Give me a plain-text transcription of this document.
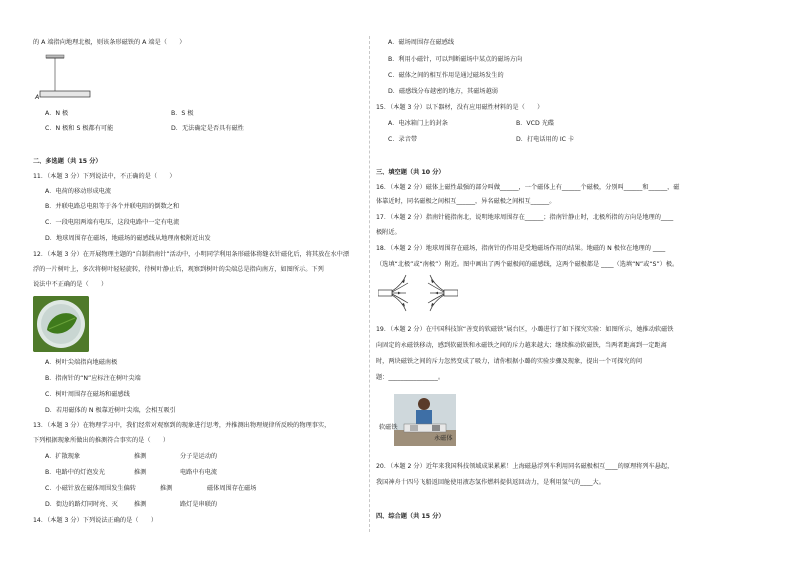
的 A 端指向地理北极，则该条形磁铁的 A 端是（　　）
A
A．N 极	B．S 极
C．N 极和 S 极都有可能	D．无法确定是否具有磁性
二、多选题（共 15 分）
11．（本题 3 分）下列说法中，不正确的是（　　）
A．电荷的移动形成电流
B．并联电路总电阻等于各个并联电阻的倒数之和
C．一段电阻两端有电压，这段电路中一定有电流
D．地球周围存在磁场，地磁场的磁感线从地理南极附近出发
12．（本题 3 分）在开展物理主题的“自制指南针”活动中，小明同学利用条形磁体将缝衣针磁化后，将其放在水中漂
浮的一片树叶上，多次将树叶轻轻旋转，待树叶静止后，观察到树叶的尖端总是指向南方，如图所示。下列
说法中不正确的是（　　）
A．树叶尖端指向地磁南极
B．指南针的“N”应标注在树叶尖端
C．树叶周围存在磁场和磁感线
D．若用磁体的 N 极靠近树叶尖端，会相互吸引
13．（本题 3 分）在物理学习中，我们经常对观察到的现象进行思考，并推测出物理规律所反映的物理事实，
下列根据现象所做出的推测符合事实的是（　　）
A．扩散现象	推测	分子是运动的
B．电路中的灯泡发光	推测	电路中有电流
C．小磁针放在磁体周围发生偏转	推测	磁体周围存在磁场
D．街边的路灯同时亮、灭	推测	路灯是串联的
14．（本题 3 分）下列说法正确的是（　　）
A．磁场周围存在磁感线
B．利用小磁针，可以判断磁场中某点的磁场方向
C．磁体之间的相互作用是通过磁场发生的
D．磁感线分布越密的地方，其磁场越弱
15．（本题 3 分）以下器材，没有应用磁性材料的是（　　）
A．电冰箱门上的封条	B．VCD 光碟
C．录音带	D．打电话用的 IC 卡
三、填空题（共 10 分）
16．（本题 2 分）磁体上磁性最强的部分叫做______，一个磁体上有______个磁极，分别叫______和______，磁
体靠近时，同名磁极之间相互______，异名磁极之间相互______。
17．（本题 2 分）指南针能指南北，说明地球周围存在______；指南针静止时，北极所指的方向是地理的____
极附近。
18．（本题 2 分）地球周围存在磁场，指南针的作用是受地磁场作用的结果。地磁的 N 极位在地理的 ____
（选填“北极”或“南极”）附近。图中画出了两个磁极间的磁感线，这两个磁极都是 ____（选填“N”或“S”）极。
19．（本题 2 分）在中国科技馆“善变的软磁铁”展台区，小璐进行了如下探究实验：如图所示，她推动软磁铁
向固定的永磁铁移动，感到软磁铁和永磁铁之间的斥力越来越大；继续推动软磁铁，当两者距离到一定距离
时，两块磁铁之间的斥力忽然变成了吸力，请你根据小璐的实验步骤及现象，提出一个可探究的问
题：________________。
软磁铁
永磁体
20．（本题 2 分）近年来我国科技领域成果累累！上海磁悬浮列车利用同名磁极相互____的原理将列车悬起，
我国神舟十四号飞船返回舱使用液态氢作燃料提供返回动力，是利用氢气的____大。
四、综合题（共 15 分）
